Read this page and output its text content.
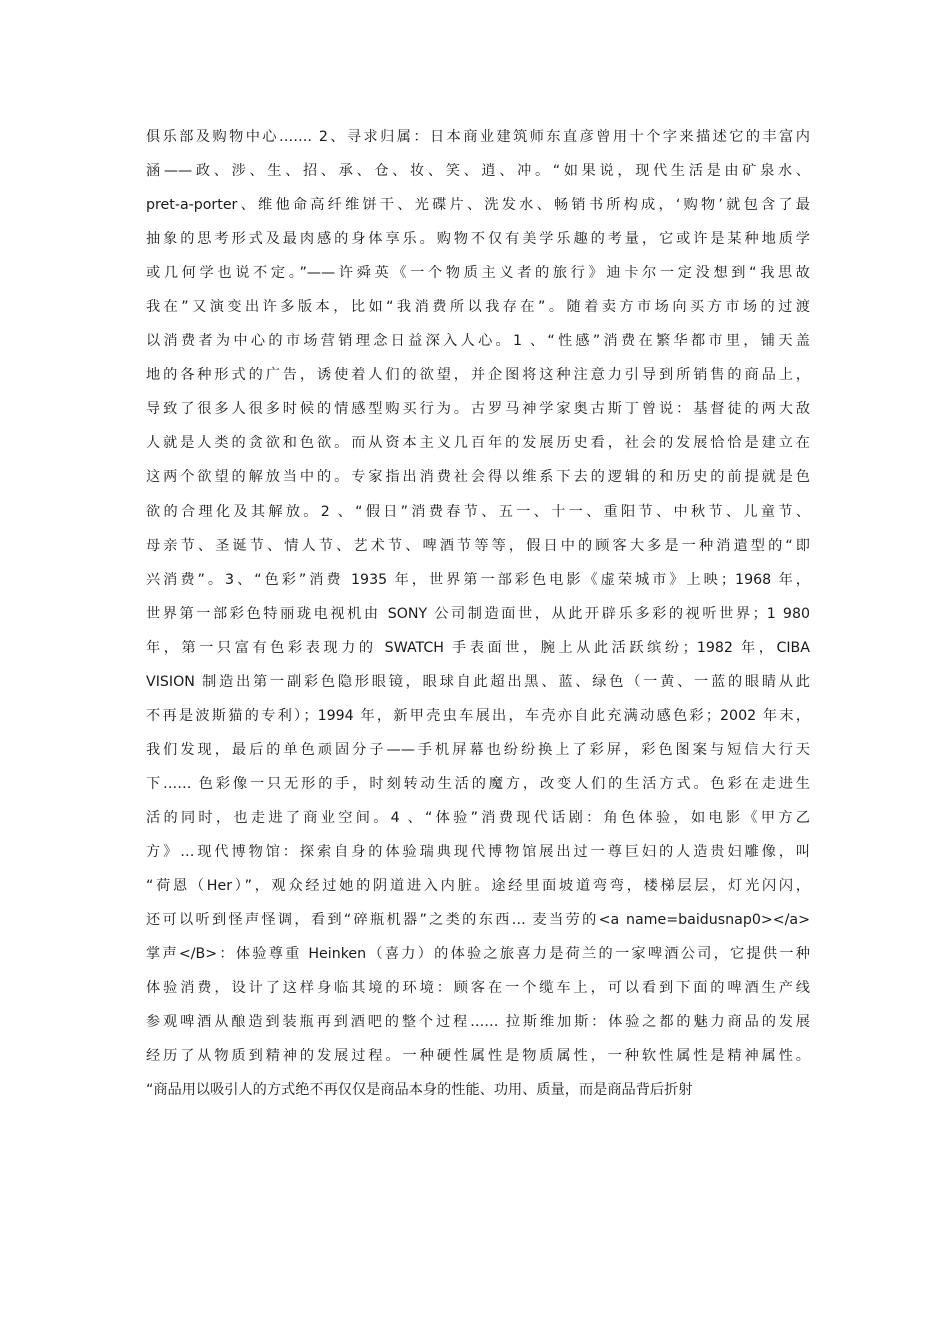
俱乐部及购物中心……. 2、寻求归属：日本商业建筑师东直彦曾用十个字来描述它的丰富内
涵——政、涉、生、招、承、仓、妆、笑、逍、冲。“如果说，现代生活是由矿泉水、
pret-a-porter、维他命高纤维饼干、光碟片、洗发水、畅销书所构成，‘购物’就包含了最
抽象的思考形式及最肉感的身体享乐。购物不仅有美学乐趣的考量，它或许是某种地质学
或几何学也说不定。”——许舜英《一个物质主义者的旅行》迪卡尔一定没想到“我思故
我在”又演变出许多版本，比如“我消费所以我存在”。随着卖方市场向买方市场的过渡
以消费者为中心的市场营销理念日益深入人心。1 、“性感”消费在繁华都市里，铺天盖
地的各种形式的广告，诱使着人们的欲望，并企图将这种注意力引导到所销售的商品上，
导致了很多人很多时候的情感型购买行为。古罗马神学家奥古斯丁曾说：基督徒的两大敌
人就是人类的贪欲和色欲。而从资本主义几百年的发展历史看，社会的发展恰恰是建立在
这两个欲望的解放当中的。专家指出消费社会得以维系下去的逻辑的和历史的前提就是色
欲的合理化及其解放。2 、“假日”消费春节、五一、十一、重阳节、中秋节、儿童节、
母亲节、圣诞节、情人节、艺术节、啤酒节等等，假日中的顾客大多是一种消遣型的“即
兴消费”。3、“色彩”消费 1935 年，世界第一部彩色电影《虚荣城市》上映；1968 年，
世界第一部彩色特丽珑电视机由 SONY 公司制造面世，从此开辟乐多彩的视听世界；1 980
年，第一只富有色彩表现力的 SWATCH 手表面世，腕上从此活跃缤纷；1982 年，CIBA
VISION 制造出第一副彩色隐形眼镜，眼球自此超出黑、蓝、绿色（一黄、一蓝的眼睛从此
不再是波斯猫的专利）；1994 年，新甲壳虫车展出，车壳亦自此充满动感色彩；2002 年末，
我们发现，最后的单色顽固分子——手机屏幕也纷纷换上了彩屏，彩色图案与短信大行天
下…… 色彩像一只无形的手，时刻转动生活的魔方，改变人们的生活方式。色彩在走进生
活的同时，也走进了商业空间。4 、“体验”消费现代话剧：角色体验，如电影《甲方乙
方》…现代博物馆：探索自身的体验瑞典现代博物馆展出过一尊巨妇的人造贵妇雕像，叫
“荷恩（Her）”，观众经过她的阴道进入内脏。途经里面坡道弯弯，楼梯层层，灯光闪闪，
还可以听到怪声怪调，看到“碎瓶机器”之类的东西… 麦当劳的<a name=baidusnap0></a>
掌声</B>：体验尊重 Heinken（喜力）的体验之旅喜力是荷兰的一家啤酒公司，它提供一种
体验消费，设计了这样身临其境的环境：顾客在一个缆车上，可以看到下面的啤酒生产线
参观啤酒从酿造到装瓶再到酒吧的整个过程…… 拉斯维加斯：体验之都的魅力商品的发展
经历了从物质到精神的发展过程。一种硬性属性是物质属性，一种软性属性是精神属性。
“商品用以吸引人的方式绝不再仅仅是商品本身的性能、功用、质量，而是商品背后折射
